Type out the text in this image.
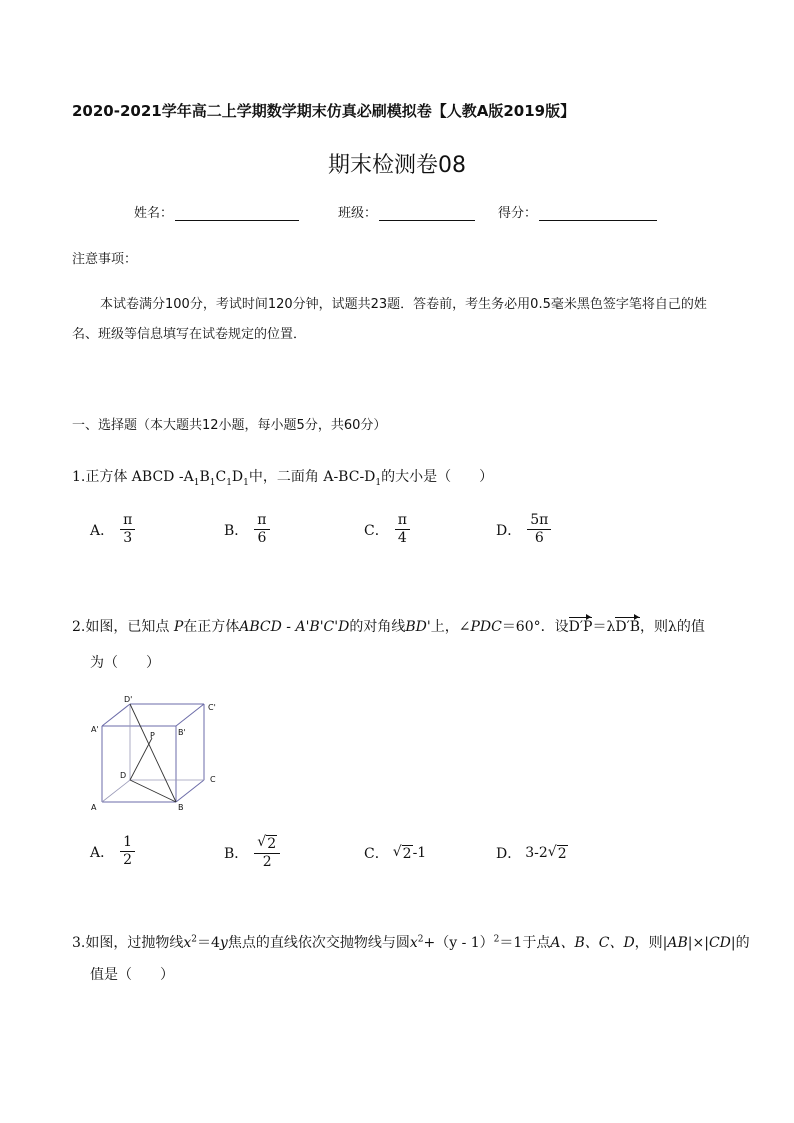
2020-2021学年高二上学期数学期末仿真必刷模拟卷【人教A版2019版】
期末检测卷08
姓名：	班级：	得分：
注意事项：
本试卷满分100分，考试时间120分钟，试题共23题．答卷前，考生务必用0.5毫米黑色签字笔将自己的姓名、班级等信息填写在试卷规定的位置．
一、选择题（本大题共12小题，每小题5分，共60分）
1.正方体 ABCD $-A_1B_1C_1D_1$中，二面角 $A-BC-D_1$的大小是（　　）
A． $\frac{\pi}{3}$	B． $\frac{\pi}{6}$	C． $\frac{\pi}{4}$	D． $\frac{5\pi}{6}$
2.如图，已知点 P在正方体ABCD - A'B'C'D的对角线BD'上，∠PDC＝60°．设D′P＝λD′B，则λ的值
为（　　）
A	B
C
D
A'	B'
C'
D'
P
A． $\frac{1}{2}$	B． $\frac{√ 2}{2}$	C． √ 2 -1	D． 3-2 √ 2
3.如图，过抛物线$x^2=4y$焦点的直线依次交抛物线与圆$x^2+(y - 1)^2=1$于点A、B、C、D，则|AB|×|CD|的
值是（　　）
